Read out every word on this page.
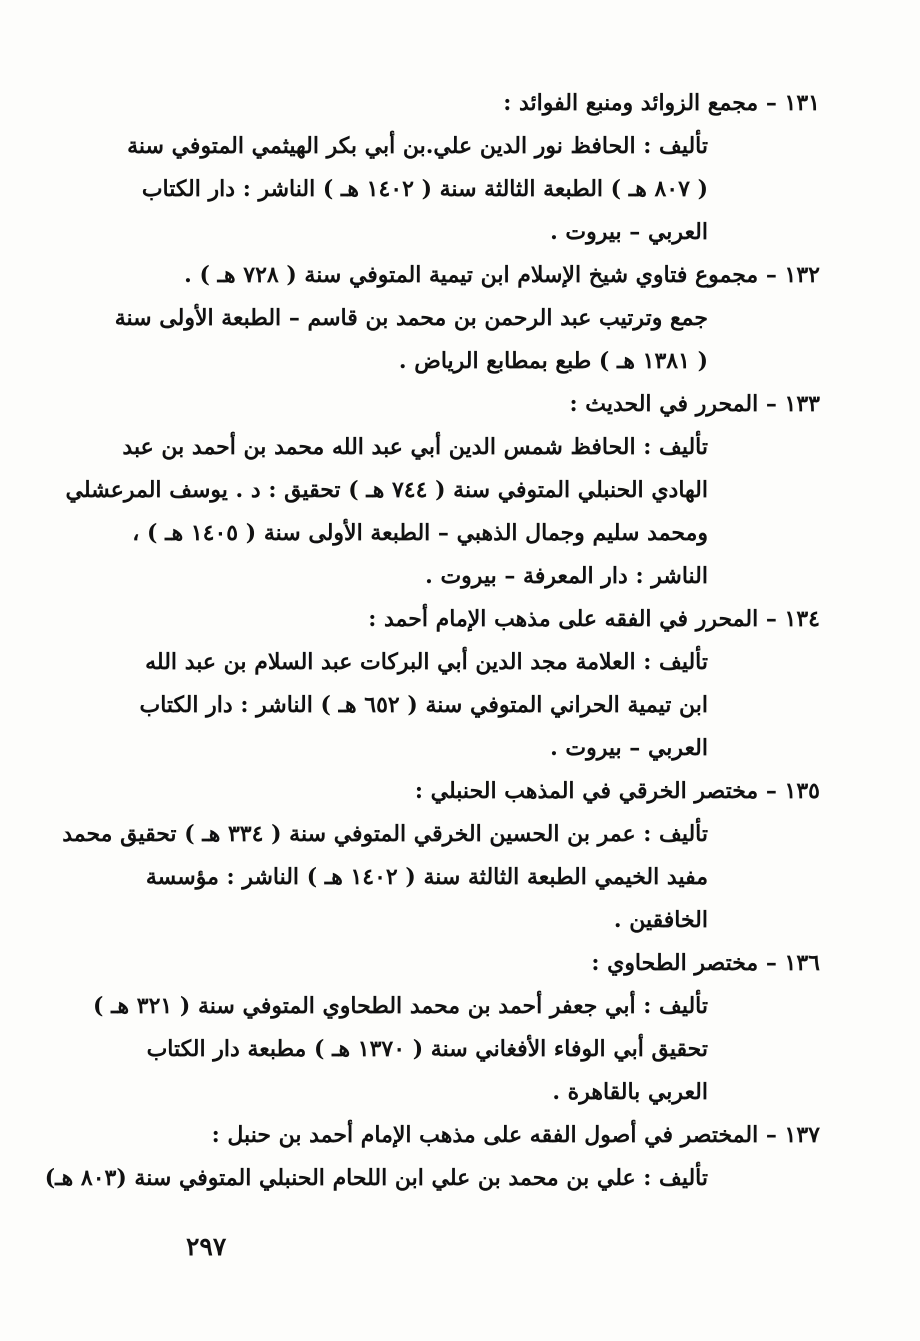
١٣١ – مجمع الزوائد ومنبع الفوائد :
تأليف : الحافظ نور الدين علي.بن أبي بكر الهيثمي المتوفي سنة
( ٨٠٧ هـ ) الطبعة الثالثة سنة ( ١٤٠٢ هـ ) الناشر : دار الكتاب
العربي – بيروت .
١٣٢ – مجموع فتاوي شيخ الإسلام ابن تيمية المتوفي سنة ( ٧٢٨ هـ ) .
جمع وترتيب عبد الرحمن بن محمد بن قاسم – الطبعة الأولى سنة
( ١٣٨١ هـ ) طبع بمطابع الرياض .
١٣٣ – المحرر في الحديث :
تأليف : الحافظ شمس الدين أبي عبد الله محمد بن أحمد بن عبد
الهادي الحنبلي المتوفي سنة ( ٧٤٤ هـ ) تحقيق : د . يوسف المرعشلي
ومحمد سليم وجمال الذهبي – الطبعة الأولى سنة ( ١٤٠٥ هـ ) ،
الناشر : دار المعرفة – بيروت .
١٣٤ – المحرر في الفقه على مذهب الإمام أحمد :
تأليف : العلامة مجد الدين أبي البركات عبد السلام بن عبد الله
ابن تيمية الحراني المتوفي سنة ( ٦٥٢ هـ ) الناشر : دار الكتاب
العربي – بيروت .
١٣٥ – مختصر الخرقي في المذهب الحنبلي :
تأليف : عمر بن الحسين الخرقي المتوفي سنة ( ٣٣٤ هـ ) تحقيق محمد
مفيد الخيمي الطبعة الثالثة سنة ( ١٤٠٢ هـ ) الناشر : مؤسسة
الخافقين .
١٣٦ – مختصر الطحاوي :
تأليف : أبي جعفر أحمد بن محمد الطحاوي المتوفي سنة ( ٣٢١ هـ )
تحقيق أبي الوفاء الأفغاني سنة ( ١٣٧٠ هـ ) مطبعة دار الكتاب
العربي بالقاهرة .
١٣٧ – المختصر في أصول الفقه على مذهب الإمام أحمد بن حنبل :
تأليف : علي بن محمد بن علي ابن اللحام الحنبلي المتوفي سنة (٨٠٣ هـ)
٢٩٧
